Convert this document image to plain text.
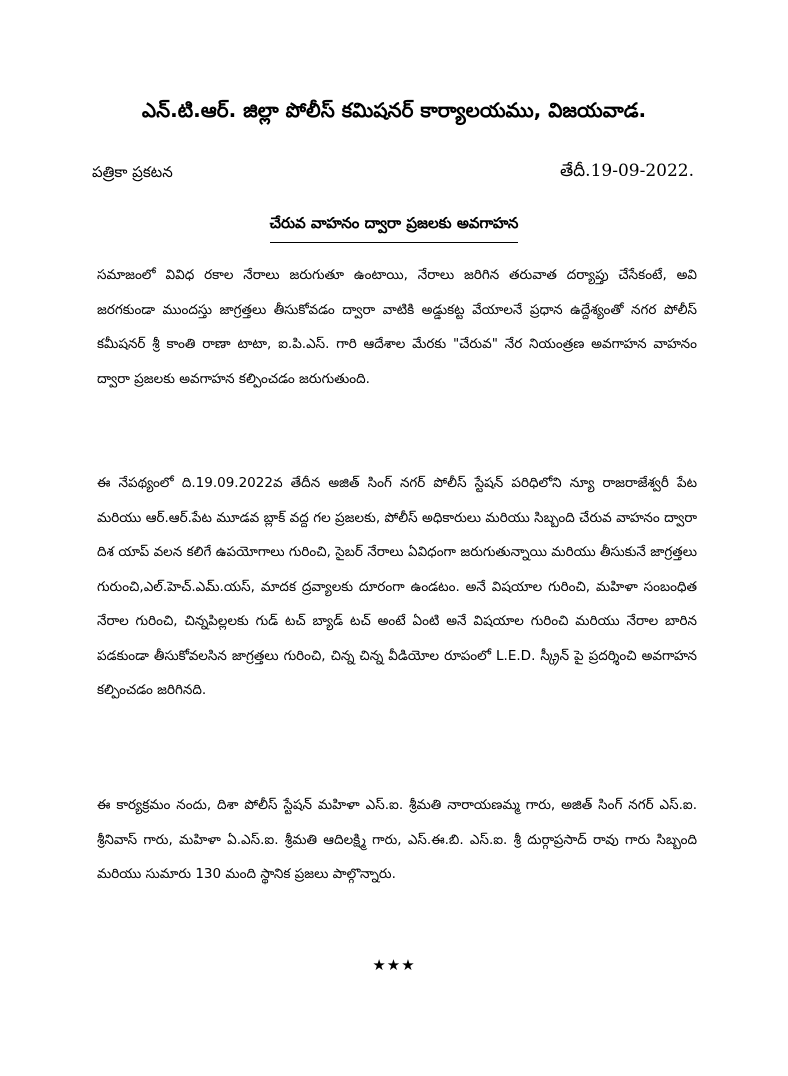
ఎన్.టి.ఆర్. జిల్లా పోలీస్ కమిషనర్ కార్యాలయము, విజయవాడ.
పత్రికా ప్రకటన	తేదీ.19-09-2022.
చేరువ వాహనం ద్వారా ప్రజలకు అవగాహన

సమాజంలో వివిధ రకాల నేరాలు జరుగుతూ ఉంటాయి, నేరాలు జరిగిన తరువాత దర్యాప్తు చేసేకంటే, అవి జరగకుండా ముందస్తు జాగ్రత్తలు తీసుకోవడం ద్వారా వాటికి అడ్డుకట్ట వేయాలనే ప్రధాన ఉద్దేశ్యంతో నగర పోలీస్ కమీషనర్ శ్రీ కాంతి రాణా టాటా, ఐ.పి.ఎస్. గారి ఆదేశాల మేరకు "చేరువ" నేర నియంత్రణ అవగాహన వాహనం ద్వారా ప్రజలకు అవగాహన కల్పించడం జరుగుతుంది.

ఈ నేపథ్యంలో ది.19.09.2022వ తేదీన అజిత్ సింగ్ నగర్ పోలీస్ స్టేషన్ పరిధిలోని న్యూ రాజరాజేశ్వరీ పేట మరియు ఆర్.ఆర్.పేట మూడవ బ్లాక్ వద్ద గల ప్రజలకు, పోలీస్ అధికారులు మరియు సిబ్బంది చేరువ వాహనం ద్వారా దిశ యాప్ వలన కలిగే ఉపయోగాలు గురించి, సైబర్ నేరాలు ఏవిధంగా జరుగుతున్నాయి మరియు తీసుకునే జాగ్రత్తలు గురుంచి,ఎల్.హెచ్.ఎమ్.యస్, మాదక ద్రవ్యాలకు దూరంగా ఉండటం. అనే విషయాల గురించి, మహిళా సంబంధిత నేరాల గురించి, చిన్నపిల్లలకు గుడ్ టచ్ బ్యాడ్ టచ్ అంటే ఏంటి అనే విషయాల గురించి మరియు నేరాల బారిన పడకుండా తీసుకోవలసిన జాగ్రత్తలు గురించి, చిన్న చిన్న వీడియోల రూపంలో L.E.D. స్క్రీన్ పై ప్రదర్శించి అవగాహన కల్పించడం జరిగినది.

ఈ కార్యక్రమం నందు, దిశా పోలీస్ స్టేషన్ మహిళా ఎస్.ఐ. శ్రీమతి నారాయణమ్మ గారు, అజిత్ సింగ్ నగర్ ఎస్.ఐ. శ్రీనివాస్ గారు, మహిళా ఏ.ఎస్.ఐ. శ్రీమతి ఆదిలక్ష్మి గారు, ఎస్.ఈ.బి. ఎస్.ఐ. శ్రీ దుర్గాప్రసాద్ రావు గారు సిబ్బంది మరియు సుమారు 130 మంది స్థానిక ప్రజలు పాల్గొన్నారు.

★★★
